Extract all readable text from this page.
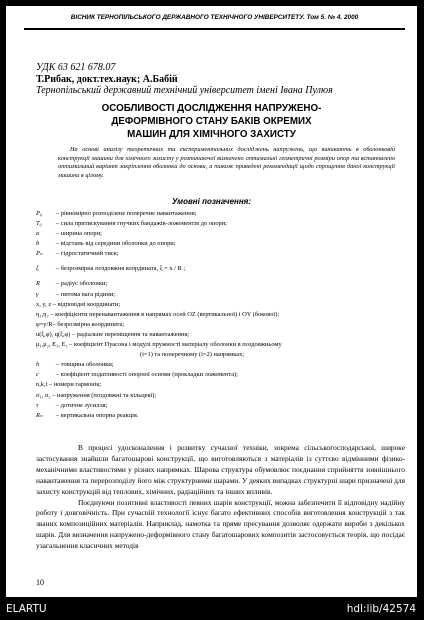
ВІСНИК ТЕРНОПІЛЬСЬКОГО ДЕРЖАВНОГО ТЕХНІЧНОГО УНІВЕРСИТЕТУ. Том 5. № 4. 2000
УДК 63 621 678.07
Т.Рибак, докт.тех.наук; А.Бабій
Тернопільський державний технічний університет імені Івана Пулюя
ОСОБЛИВОСТІ ДОСЛІДЖЕННЯ НАПРУЖЕНО-
ДЕФОРМІВНОГО СТАНУ БАКІВ ОКРЕМИХ
МАШИН ДЛЯ ХІМІЧНОГО ЗАХИСТУ
На основі аналізу теоретичних та експериментальних досліджень напружень, що виникають в оболонковій конструкції машини для хімічного захисту у розтинаючої визначено оптимальні геометричні розміри опор та встановлено оптимальний варіант закріплення оболонки до основи, а також приведені рекомендації щодо спрощення даної конструкції машини в цілому.
Умовні позначення:
P₀	– рівномірно розподілене поперечне навантаження;
T₀	– сила притискування гнучких бандажів-ложементів до опори;
a	– ширина опори;
b	– відстань від середини оболонки до опори;
Pₙ	– гідростатичний тиск;
ξ	– безрозмірна поздовжня координата, ξ = x / R ;
R	– радіус оболонки;
γ	– питома вага рідини;
x, y, z – відповідні координати;
η₁,η₂ – коефіцієнти перенавантаження в напрямах осей OZ (вертикальної) і OY (бокової);
φ=y/R– безрозмірна координата;
u(ξ,φ), q(ξ,φ) – радіальне переміщення та навантаження;
μ₁,μ₂, E₁, E₂ – коефіцієнт Пуасона і модулі пружності матеріалу оболонки в поздовжньому
(i=1) та поперечному (i=2) напрямках;
h	– товщина оболонки;
c	– коефіцієнт податливості опорної основи (прокладки ложемента);
n,k,t – номери гармонік;
σ₁, σ₂ – напруження (поздовжні та кільцеві);
τ	– дотичне зусилля;
Rₙ	– вертикальна опорна реакція.

В процесі удосконалення і розвитку сучасної техніки, зокрема сільськогосподарської, широке застосування знайшли багатошарові конструкції, що виготовляються з матеріалів із суттєво відмінними фізико-механічними властивостями у різних напрямках. Шарова структура обумовлює поєднання сприйняття зовнішнього навантаження та перерозподілу його між структурними шарами. У деяких випадках структурні шари призначені для захисту конструкцій від теплових, хімічних, радіаційних та інших впливів.

Поєднуючи позитивні властивості певних шарів конструкції, можна забезпечити її відповідну надійну роботу і довговічність. При сучасній технології існує багато ефективних способів виготовлення конструкцій з так званих композиційних матеріалів. Наприклад, намотка та пряме пресування дозволяє одержати вироби з декількох шарів. Для визначення напружено-деформівного стану багатошарових композитів застосовується теорія, що посідає узагальнення класичних методів

10
ELARTU	hdl:lib/42574
